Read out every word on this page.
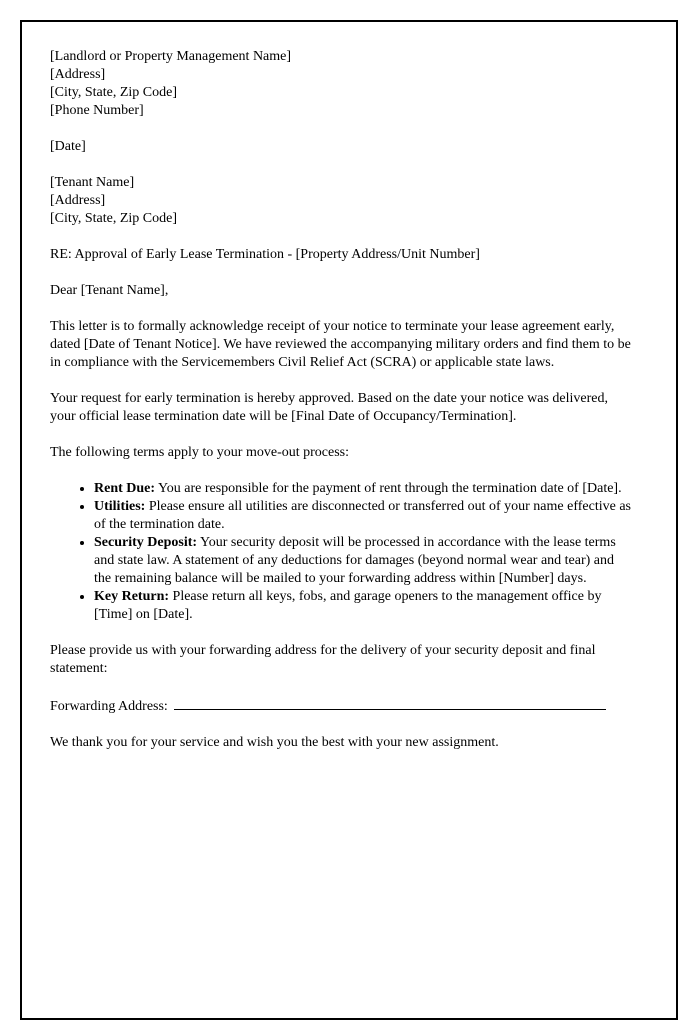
[Landlord or Property Management Name]
[Address]
[City, State, Zip Code]
[Phone Number]

[Date]

[Tenant Name]
[Address]
[City, State, Zip Code]

RE: Approval of Early Lease Termination - [Property Address/Unit Number]

Dear [Tenant Name],

This letter is to formally acknowledge receipt of your notice to terminate your lease agreement early, dated [Date of Tenant Notice]. We have reviewed the accompanying military orders and find them to be in compliance with the Servicemembers Civil Relief Act (SCRA) or applicable state laws.

Your request for early termination is hereby approved. Based on the date your notice was delivered, your official lease termination date will be [Final Date of Occupancy/Termination].

The following terms apply to your move-out process:

• Rent Due: You are responsible for the payment of rent through the termination date of [Date].
• Utilities: Please ensure all utilities are disconnected or transferred out of your name effective as of the termination date.
• Security Deposit: Your security deposit will be processed in accordance with the lease terms and state law. A statement of any deductions for damages (beyond normal wear and tear) and the remaining balance will be mailed to your forwarding address within [Number] days.
• Key Return: Please return all keys, fobs, and garage openers to the management office by [Time] on [Date].

Please provide us with your forwarding address for the delivery of your security deposit and final statement:

Forwarding Address:

We thank you for your service and wish you the best with your new assignment.
